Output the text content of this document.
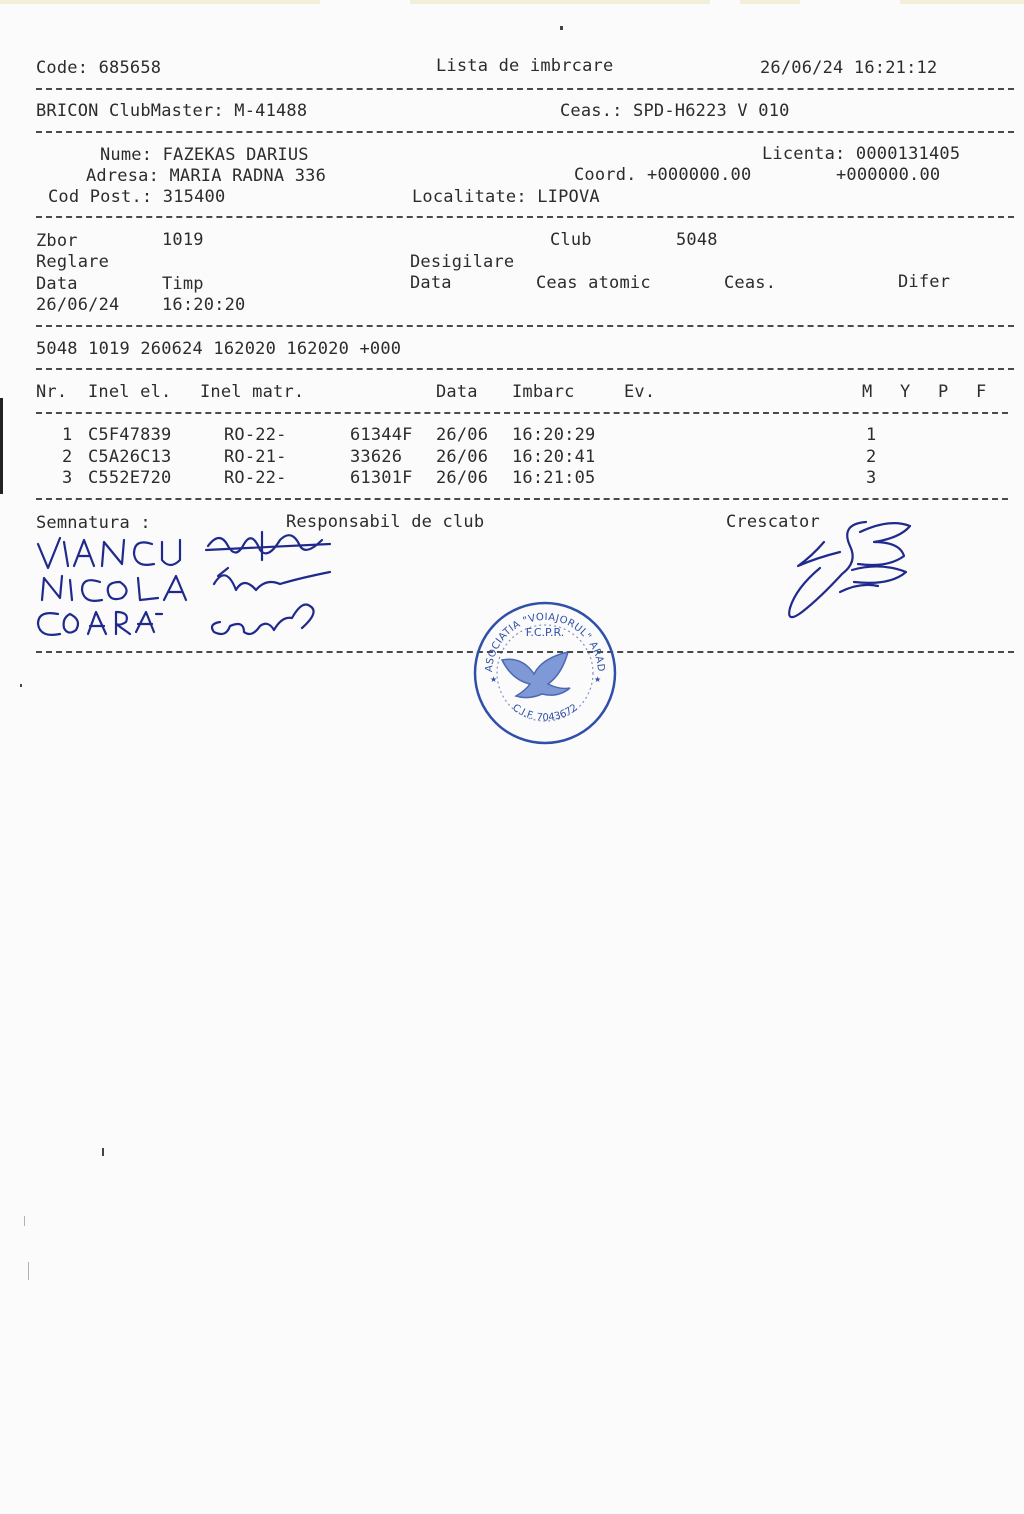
Code: 685658	Lista de imbrcare	26/06/24 16:21:12
BRICON ClubMaster: M-41488	Ceas.: SPD-H6223 V 010
Nume: FAZEKAS DARIUS	Licenta: 0000131405
Adresa: MARIA RADNA 336	Coord. +000000.00	+000000.00
Cod Post.: 315400	Localitate: LIPOVA
Zbor	1019	Club	5048
Reglare	Desigilare
Data	Timp	Data	Ceas atomic	Ceas.	Difer
26/06/24	16:20:20
5048 1019 260624 162020 162020 +000
Nr. Inel el. Inel matr.	Data Imbarc	Ev.	M Y P F
1 C5F47839	RO-22-	61344F 26/06 16:20:29	1
2 C5A26C13	RO-21-	33626 26/06 16:20:41	2
3 C552E720	RO-22-	61301F 26/06 16:21:05	3
Semnatura :	Responsabil de club	Crescator
ASOCIATIA "VOIAJORUL" ARAD
F.C.P.R.
★	★
C.I.F. 7043672
